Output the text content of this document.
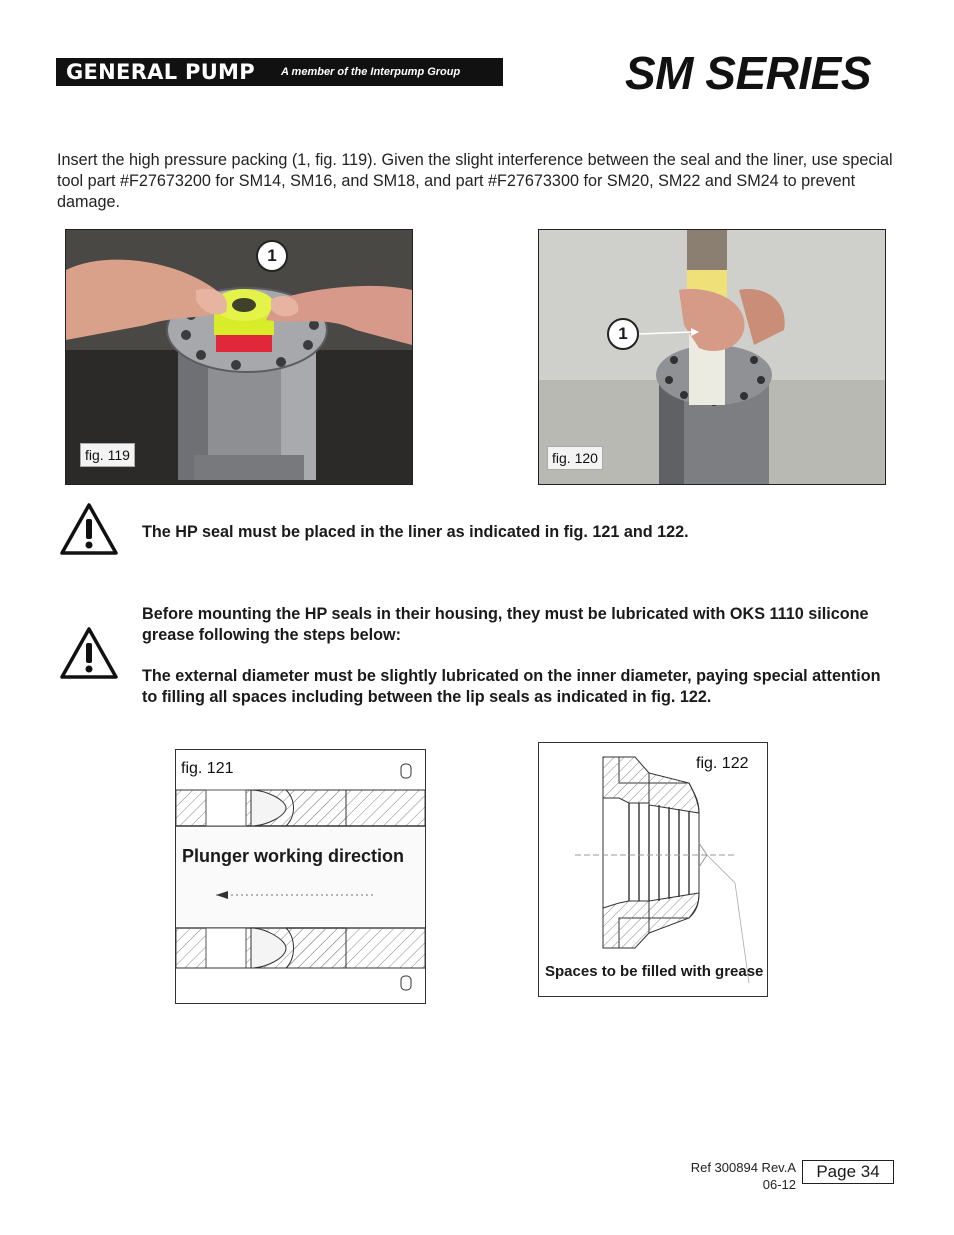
GENERAL PUMP A member of the Interpump Group	SM SERIES
Insert the high pressure packing (1, fig. 119). Given the slight interference between the seal and the liner, use special tool part #F27673200 for SM14, SM16, and SM18, and part #F27673300 for SM20, SM22 and SM24 to prevent damage.
1
fig. 119
1
fig. 120
The HP seal must be placed in the liner as indicated in fig. 121 and 122.
Before mounting the HP seals in their housing, they must be lubricated with OKS 1110 silicone grease following the steps below:
The external diameter must be slightly lubricated on the inner diameter, paying special attention to filling all spaces including between the lip seals as indicated in fig. 122.
fig. 121
Plunger working direction
fig. 122
Spaces to be filled with grease
Ref 300894 Rev.A
06-12
Page 34
